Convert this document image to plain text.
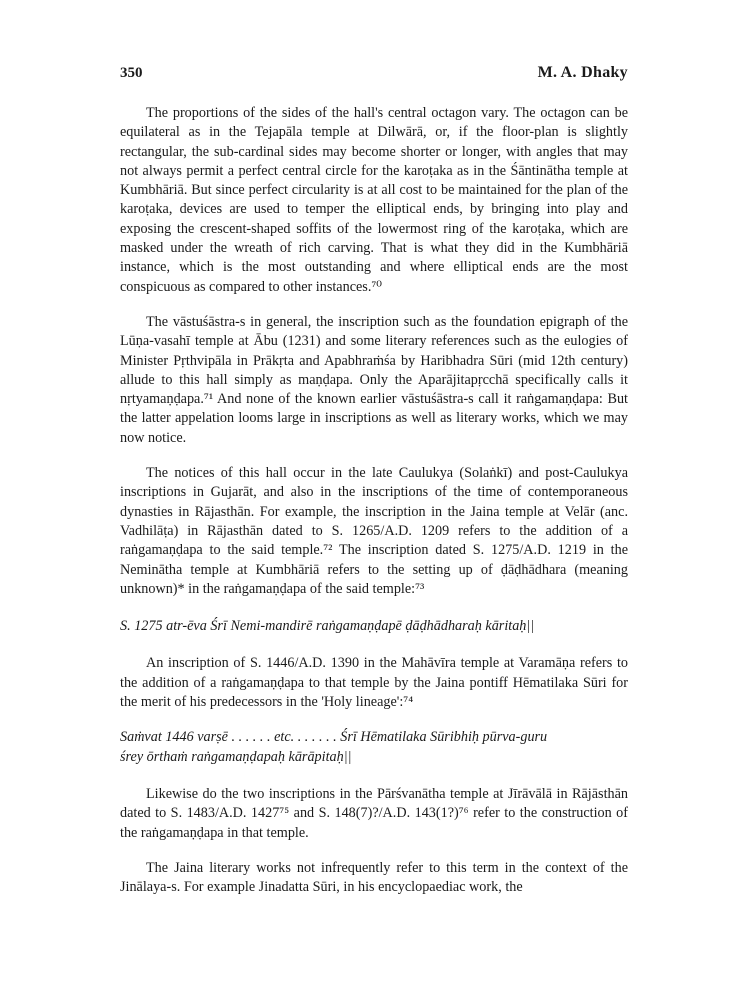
350	M. A. Dhaky

The proportions of the sides of the hall's central octagon vary. The octagon can be equilateral as in the Tejapāla temple at Dilwārā, or, if the floor-plan is slightly rectangular, the sub-cardinal sides may become shorter or longer, with angles that may not always permit a perfect central circle for the karoṭaka as in the Śāntinātha temple at Kumbhāriā. But since perfect circularity is at all cost to be maintained for the plan of the karoṭaka, devices are used to temper the elliptical ends, by bringing into play and exposing the crescent-shaped soffits of the lowermost ring of the karoṭaka, which are masked under the wreath of rich carving. That is what they did in the Kumbhāriā instance, which is the most outstanding and where elliptical ends are the most conspicuous as compared to other instances.⁷⁰

The vāstuśāstra-s in general, the inscription such as the foundation epigraph of the Lūṇa-vasahī temple at Ābu (1231) and some literary references such as the eulogies of Minister Pṛthvipāla in Prākṛta and Apabhraṁśa by Haribhadra Sūri (mid 12th century) allude to this hall simply as maṇḍapa. Only the Aparājitapṛcchā specifically calls it nṛtyamaṇḍapa.⁷¹ And none of the known earlier vāstuśāstra-s call it raṅgamaṇḍapa: But the latter appelation looms large in inscriptions as well as literary works, which we may now notice.

The notices of this hall occur in the late Caulukya (Solaṅkī) and post-Caulukya inscriptions in Gujarāt, and also in the inscriptions of the time of contemporaneous dynasties in Rājasthān. For example, the inscription in the Jaina temple at Velār (anc. Vadhilāṭa) in Rājasthān dated to S. 1265/A.D. 1209 refers to the addition of a raṅgamaṇḍapa to the said temple.⁷² The inscription dated S. 1275/A.D. 1219 in the Neminātha temple at Kumbhāriā refers to the setting up of ḍāḍhādhara (meaning unknown)* in the raṅgamaṇḍapa of the said temple:⁷³

S. 1275 atr-ēva Śrī Nemi-mandirē raṅgamaṇḍapē ḍāḍhādharaḥ kāritaḥ||

An inscription of S. 1446/A.D. 1390 in the Mahāvīra temple at Varamāṇa refers to the addition of a raṅgamaṇḍapa to that temple by the Jaina pontiff Hēmatilaka Sūri for the merit of his predecessors in the 'Holy lineage':⁷⁴

Saṁvat 1446 varṣē . . . . . . etc. . . . . . . Śrī Hēmatilaka Sūribhiḥ pūrva-guru
śrey ōrthaṁ raṅgamaṇḍapaḥ kārāpitaḥ||

Likewise do the two inscriptions in the Pārśvanātha temple at Jīrāvālā in Rājāsthān dated to S. 1483/A.D. 1427⁷⁵ and S. 148(7)?/A.D. 143(1?)⁷⁶ refer to the construction of the raṅgamaṇḍapa in that temple.

The Jaina literary works not infrequently refer to this term in the context of the Jinālaya-s. For example Jinadatta Sūri, in his encyclopaediac work, the
